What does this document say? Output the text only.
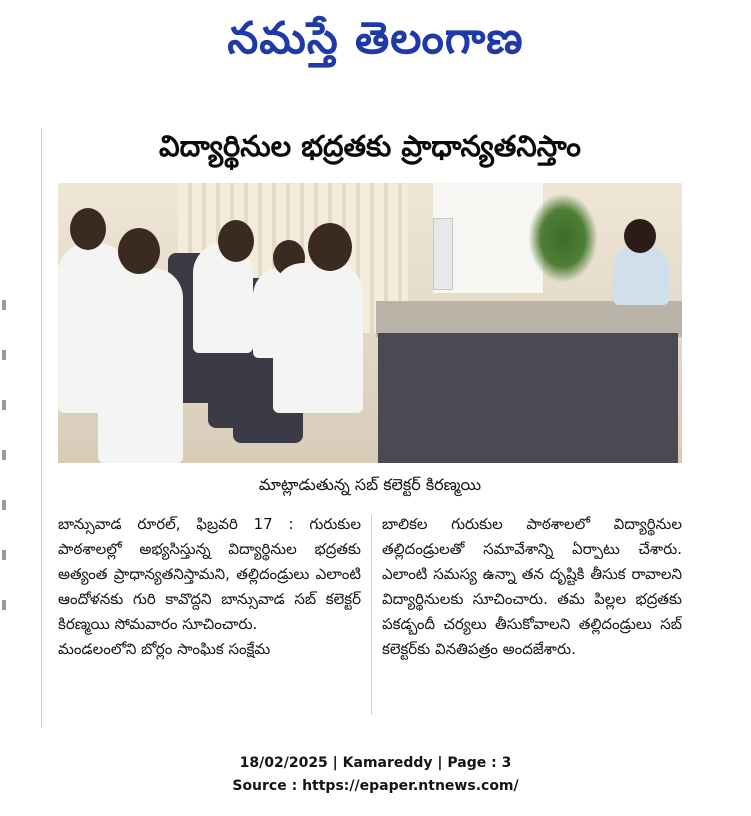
నమస్తే తెలంగాణ
విద్యార్థినుల భద్రతకు ప్రాధాన్యతనిస్తాం
మాట్లాడుతున్న సబ్ కలెక్టర్ కిరణ్మయి

బాన్సువాడ రూరల్, ఫిబ్రవరి 17 : గురుకుల పాఠశాలల్లో అభ్యసిస్తున్న విద్యార్థినుల భద్రతకు అత్యంత ప్రాధాన్యతనిస్తామని, తల్లిదండ్రులు ఎలాంటి ఆందోళనకు గురి కావొద్దని బాన్సువాడ సబ్ కలెక్టర్ కిరణ్మయి సోమవారం సూచించారు.

మండలంలోని బోర్లం సాంఘిక సంక్షేమ

బాలికల గురుకుల పాఠశాలలో విద్యార్థినుల తల్లిదండ్రులతో సమావేశాన్ని ఏర్పాటు చేశారు. ఎలాంటి సమస్య ఉన్నా తన దృష్టికి తీసుక రావాలని విద్యార్థినులకు సూచించారు. తమ పిల్లల భద్రతకు పకడ్బందీ చర్యలు తీసుకోవాలని తల్లిదండ్రులు సబ్ కలెక్టర్‌కు వినతిపత్రం అందజేశారు.

18/02/2025 | Kamareddy | Page : 3
Source : https://epaper.ntnews.com/
